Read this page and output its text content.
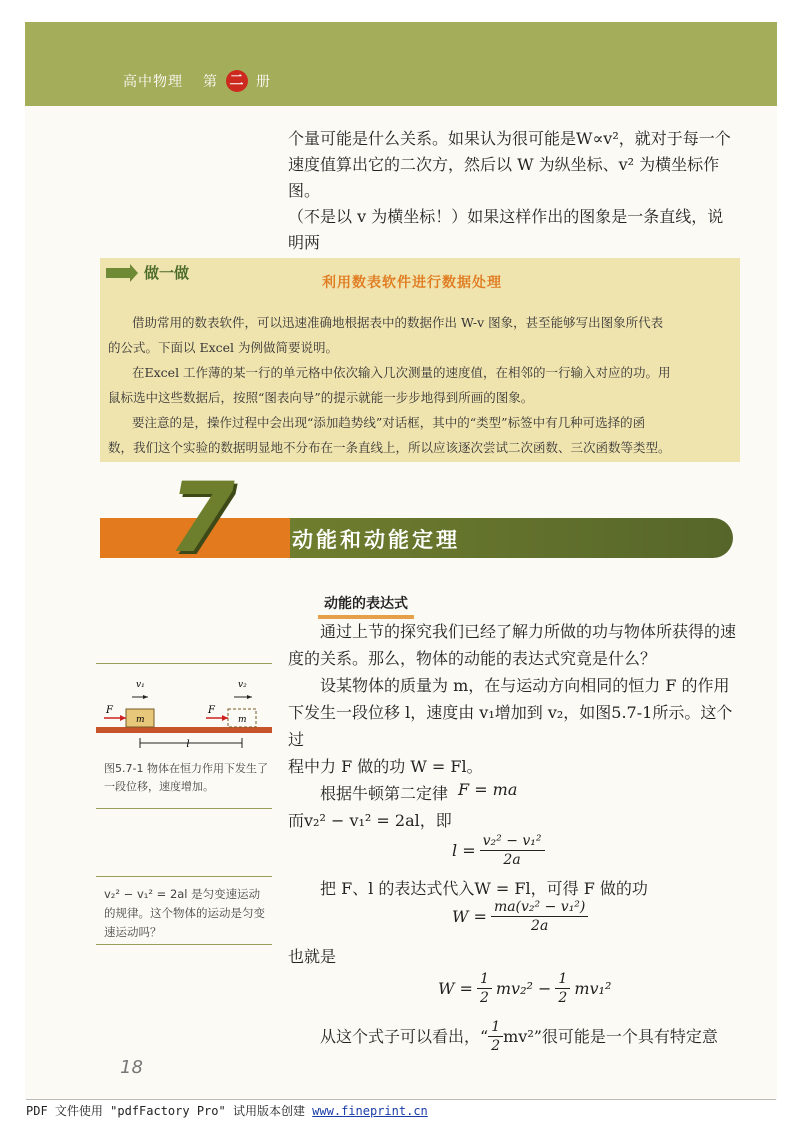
高中物理 第 二 册
个量可能是什么关系。如果认为很可能是W∝v²，就对于每一个
速度值算出它的二次方，然后以 W 为纵坐标、v² 为横坐标作图。
（不是以 v 为横坐标！）如果这样作出的图象是一条直线，说明两
做一做
利用数表软件进行数据处理
借助常用的数表软件，可以迅速准确地根据表中的数据作出 W-v 图象，甚至能够写出图象所代表
的公式。下面以 Excel 为例做简要说明。
在Excel 工作薄的某一行的单元格中依次输入几次测量的速度值，在相邻的一行输入对应的功。用
鼠标选中这些数据后，按照“图表向导”的提示就能一步步地得到所画的图象。
要注意的是，操作过程中会出现“添加趋势线”对话框，其中的“类型”标签中有几种可选择的函
数，我们这个实验的数据明显地不分布在一条直线上，所以应该逐次尝试二次函数、三次函数等类型。
7	动能和动能定理
动能的表达式
通过上节的探究我们已经了解力所做的功与物体所获得的速
度的关系。那么，物体的动能的表达式究竟是什么？
设某物体的质量为 m，在与运动方向相同的恒力 F 的作用
下发生一段位移 l，速度由 v₁增加到 v₂，如图5.7-1所示。这个过
程中力 F 做的功 W = Fl。
根据牛顿第二定律 F = ma
而v₂² − v₁² = 2al，即
$l = \frac{\text{v₂² − v₁²}}{2a}$
把 F、l 的表达式代入W = Fl，可得 F 做的功
$W = \frac{\text{ma(v₂² − v₁²)}}{2a}$
也就是
$W = \frac{1}{2} mv_2^2 - \frac{1}{2} mv_1^2$
从这个式子可以看出，“ $\frac{1}{2} mv^2$”很可能是一个具有特定意
v₁	v₂
F	F
m	m
l
图5.7-1 物体在恒力作用下发生了一段位移，速度增加。
v₂² − v₁² = 2al 是匀变速运动的规律。这个物体的运动是匀变速运动吗？
18
PDF 文件使用 "pdfFactory Pro" 试用版本创建 www.fineprint.cn
